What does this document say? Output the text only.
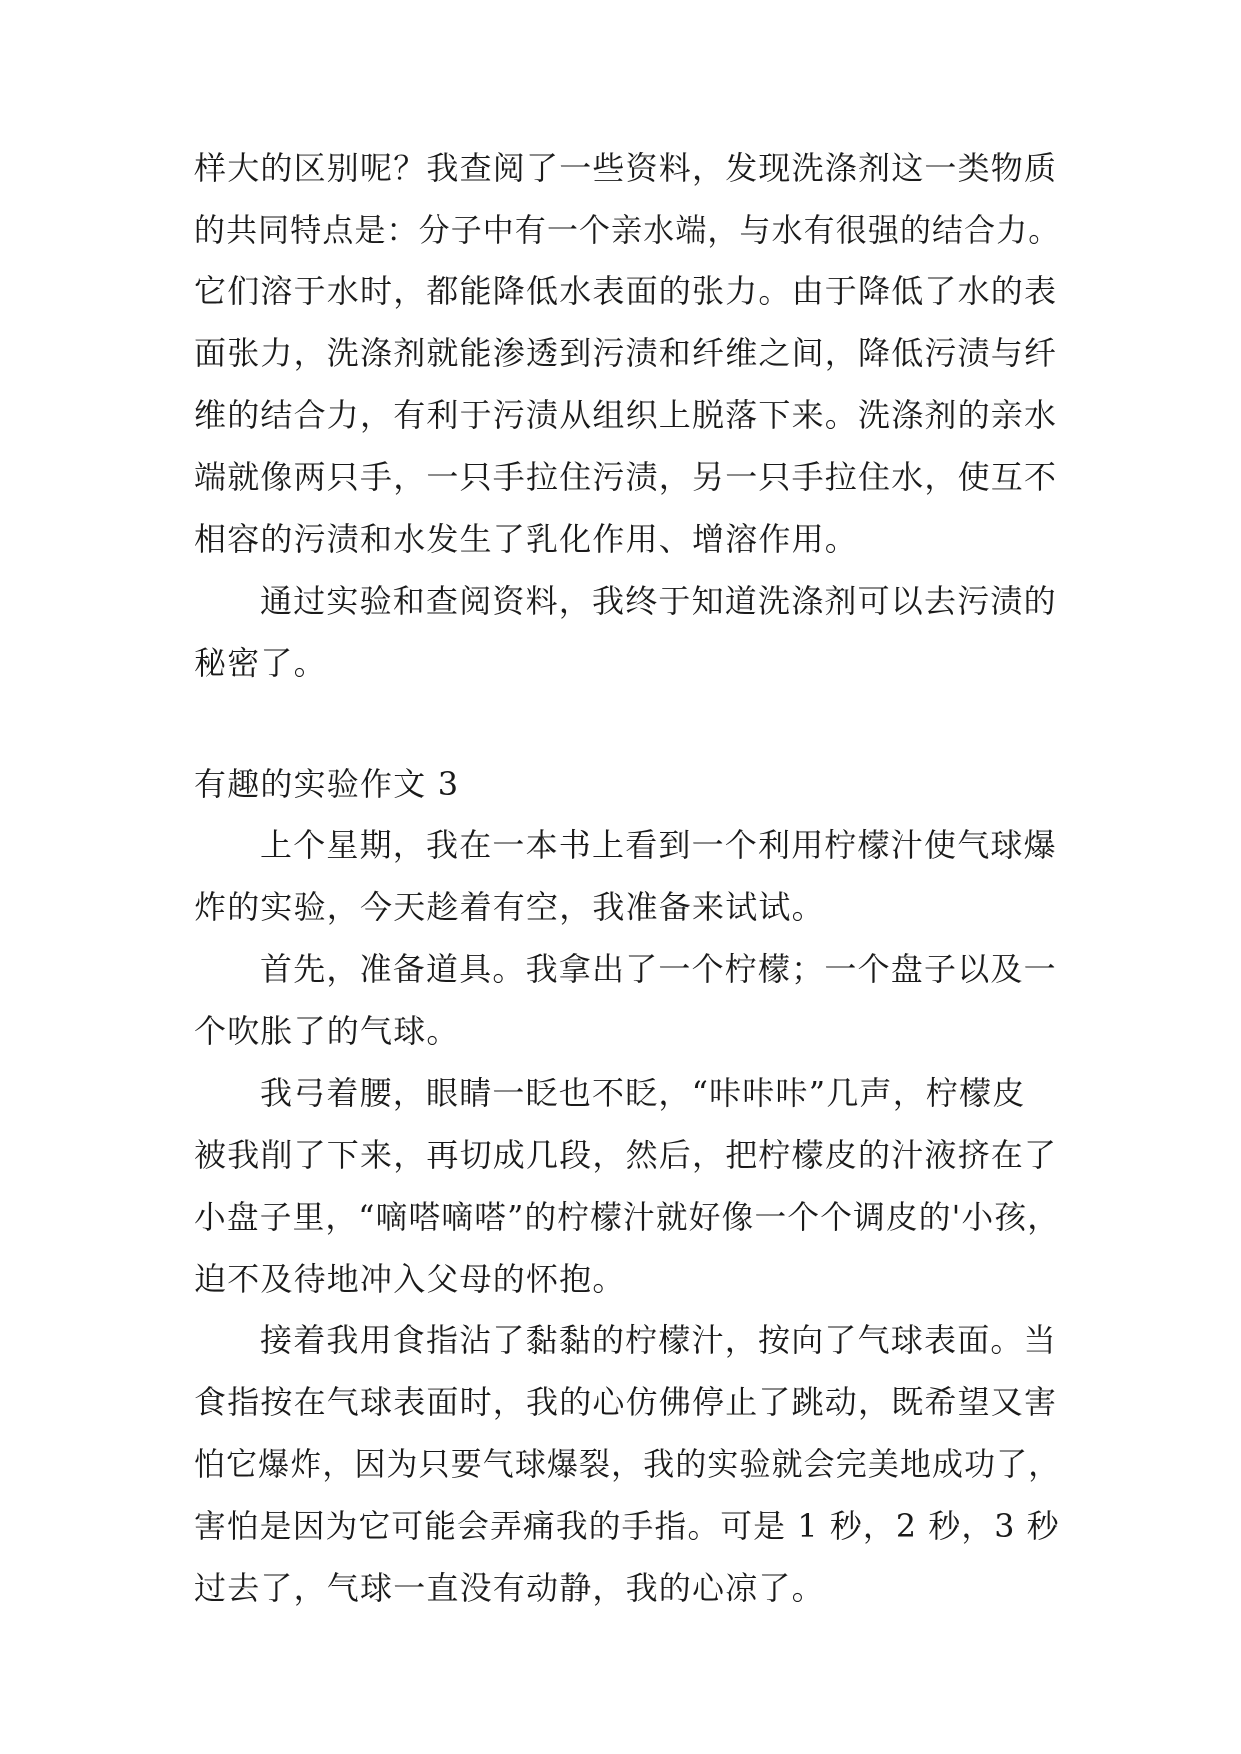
样大的区别呢？我查阅了一些资料，发现洗涤剂这一类物质
的共同特点是：分子中有一个亲水端，与水有很强的结合力。
它们溶于水时，都能降低水表面的张力。由于降低了水的表
面张力，洗涤剂就能渗透到污渍和纤维之间，降低污渍与纤
维的结合力，有利于污渍从组织上脱落下来。洗涤剂的亲水
端就像两只手，一只手拉住污渍，另一只手拉住水，使互不
相容的污渍和水发生了乳化作用、增溶作用。
通过实验和查阅资料，我终于知道洗涤剂可以去污渍的
秘密了。
有趣的实验作文 3
上个星期，我在一本书上看到一个利用柠檬汁使气球爆
炸的实验，今天趁着有空，我准备来试试。
首先，准备道具。我拿出了一个柠檬；一个盘子以及一
个吹胀了的气球。
我弓着腰，眼睛一眨也不眨，“咔咔咔”几声，柠檬皮
被我削了下来，再切成几段，然后，把柠檬皮的汁液挤在了
小盘子里，“嘀嗒嘀嗒”的柠檬汁就好像一个个调皮的'小孩，
迫不及待地冲入父母的怀抱。
接着我用食指沾了黏黏的柠檬汁，按向了气球表面。当
食指按在气球表面时，我的心仿佛停止了跳动，既希望又害
怕它爆炸，因为只要气球爆裂，我的实验就会完美地成功了，
害怕是因为它可能会弄痛我的手指。可是 1 秒，2 秒，3 秒
过去了，气球一直没有动静，我的心凉了。
